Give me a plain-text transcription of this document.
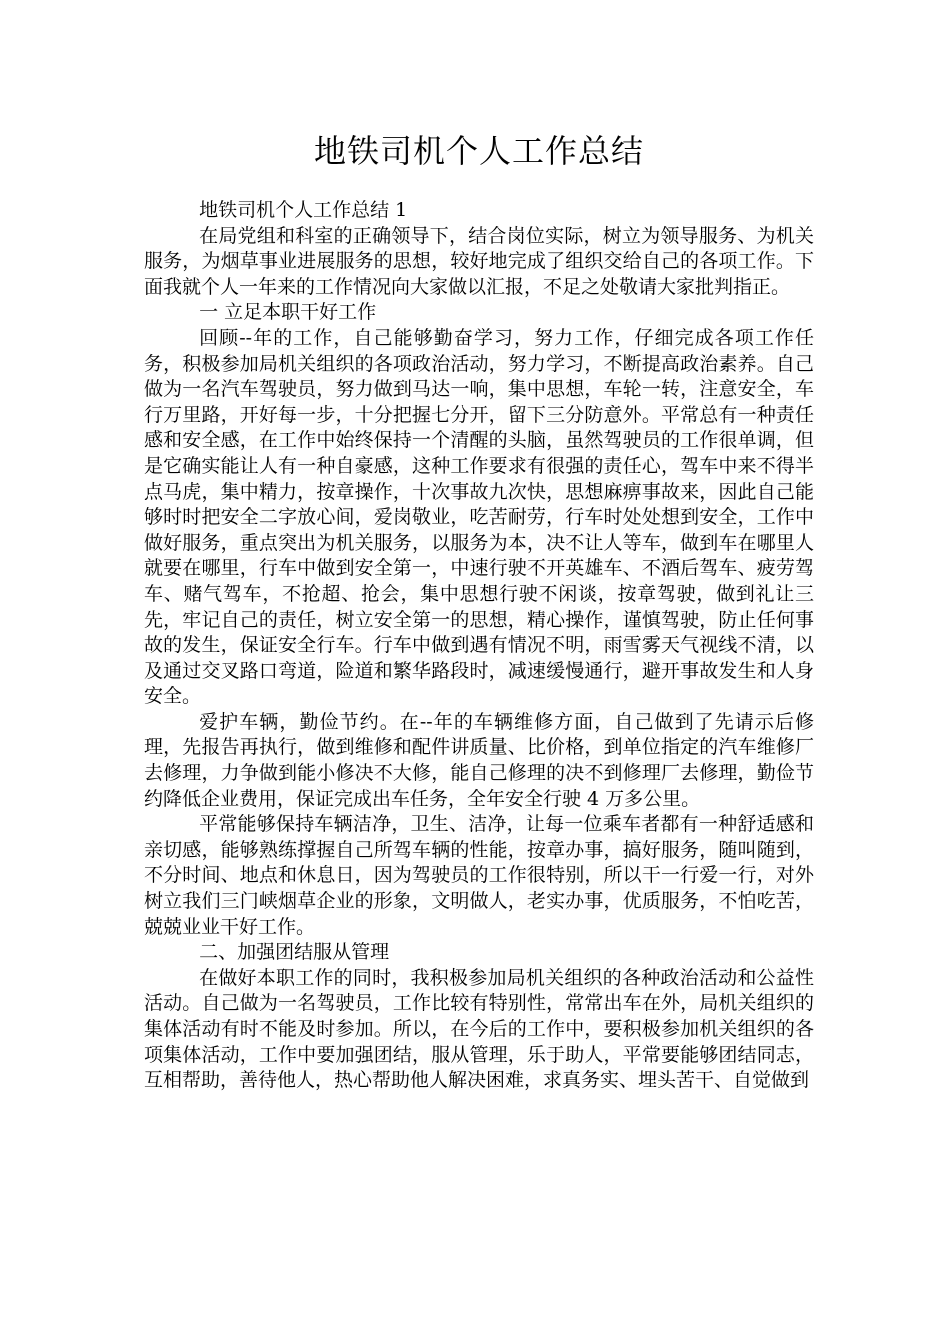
地铁司机个人工作总结

地铁司机个人工作总结 1

在局党组和科室的正确领导下，结合岗位实际，树立为领导服务、为机关服务，为烟草事业进展服务的思想，较好地完成了组织交给自己的各项工作。下面我就个人一年来的工作情况向大家做以汇报，不足之处敬请大家批判指正。

一 立足本职干好工作

回顾--年的工作，自己能够勤奋学习，努力工作，仔细完成各项工作任务，积极参加局机关组织的各项政治活动，努力学习，不断提高政治素养。自己做为一名汽车驾驶员，努力做到马达一响，集中思想，车轮一转，注意安全，车行万里路，开好每一步，十分把握七分开，留下三分防意外。平常总有一种责任感和安全感，在工作中始终保持一个清醒的头脑，虽然驾驶员的工作很单调，但是它确实能让人有一种自豪感，这种工作要求有很强的责任心，驾车中来不得半点马虎，集中精力，按章操作，十次事故九次快，思想麻痹事故来，因此自己能够时时把安全二字放心间，爱岗敬业，吃苦耐劳，行车时处处想到安全，工作中做好服务，重点突出为机关服务，以服务为本，决不让人等车，做到车在哪里人就要在哪里，行车中做到安全第一，中速行驶不开英雄车、不酒后驾车、疲劳驾车、赌气驾车，不抢超、抢会，集中思想行驶不闲谈，按章驾驶，做到礼让三先，牢记自己的责任，树立安全第一的思想，精心操作，谨慎驾驶，防止任何事故的发生，保证安全行车。行车中做到遇有情况不明，雨雪雾天气视线不清，以及通过交叉路口弯道，险道和繁华路段时，减速缓慢通行，避开事故发生和人身安全。

爱护车辆，勤俭节约。在--年的车辆维修方面，自己做到了先请示后修理，先报告再执行，做到维修和配件讲质量、比价格，到单位指定的汽车维修厂去修理，力争做到能小修决不大修，能自己修理的决不到修理厂去修理，勤俭节约降低企业费用，保证完成出车任务，全年安全行驶 4 万多公里。

平常能够保持车辆洁净，卫生、洁净，让每一位乘车者都有一种舒适感和亲切感，能够熟练撑握自己所驾车辆的性能，按章办事，搞好服务，随叫随到，不分时间、地点和休息日，因为驾驶员的工作很特别，所以干一行爱一行，对外树立我们三门峡烟草企业的形象，文明做人，老实办事，优质服务，不怕吃苦，兢兢业业干好工作。

二、加强团结服从管理

在做好本职工作的同时，我积极参加局机关组织的各种政治活动和公益性活动。自己做为一名驾驶员，工作比较有特别性，常常出车在外，局机关组织的集体活动有时不能及时参加。所以，在今后的工作中，要积极参加机关组织的各项集体活动，工作中要加强团结，服从管理，乐于助人，平常要能够团结同志，互相帮助，善待他人，热心帮助他人解决困难，求真务实、埋头苦干、自觉做到
